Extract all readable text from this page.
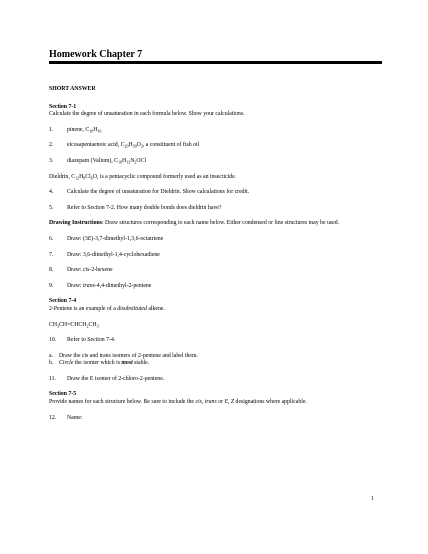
Homework Chapter 7

SHORT ANSWER

Section 7-1

Calculate the degree of unsaturation in each formula below. Show your calculations.

1. pinene, $C_{10}H_{16}$

2. eicosapentaenoic acid, $C_{20}H_{30}O_2$, a constituent of fish oil

3. diazepam (Valium), $C_{16}H_{13}N_2OCl$

Dieldrin, $C_{12}H_8Cl_6O$, is a pentacyclic compound formerly used as an insecticide.

4. Calculate the degree of unsaturation for Dieldrin. Show calculations for credit.

5. Refer to Section 7-2. How many double bonds does dieldrin have?

Drawing Instructions: Draw structures corresponding to each name below. Either condensed or line structures may be used.

6. Draw: (3E)-3,7-dimethyl-1,3,6-octatriene

7. Draw: 3,6-dimethyl-1,4-cyclohexadiene

8. Draw: cis-2-hexene

9. Draw: trans-4,4-dimethyl-2-pentene

Section 7-4

2-Pentene is an example of a disubstituted alkene.

$CH_3CH=CHCH_2CH_3$

10. Refer to Section 7-4.

a. Draw the cis and trans isomers of 2-pentene and label them.

b. Circle the isomer which is most stable.

11. Draw the E isomer of 2-chloro-2-pentene.

Section 7-5

Provide names for each structure below. Be sure to include the cis, trans or E, Z designations where applicable.

12. Name:

1
